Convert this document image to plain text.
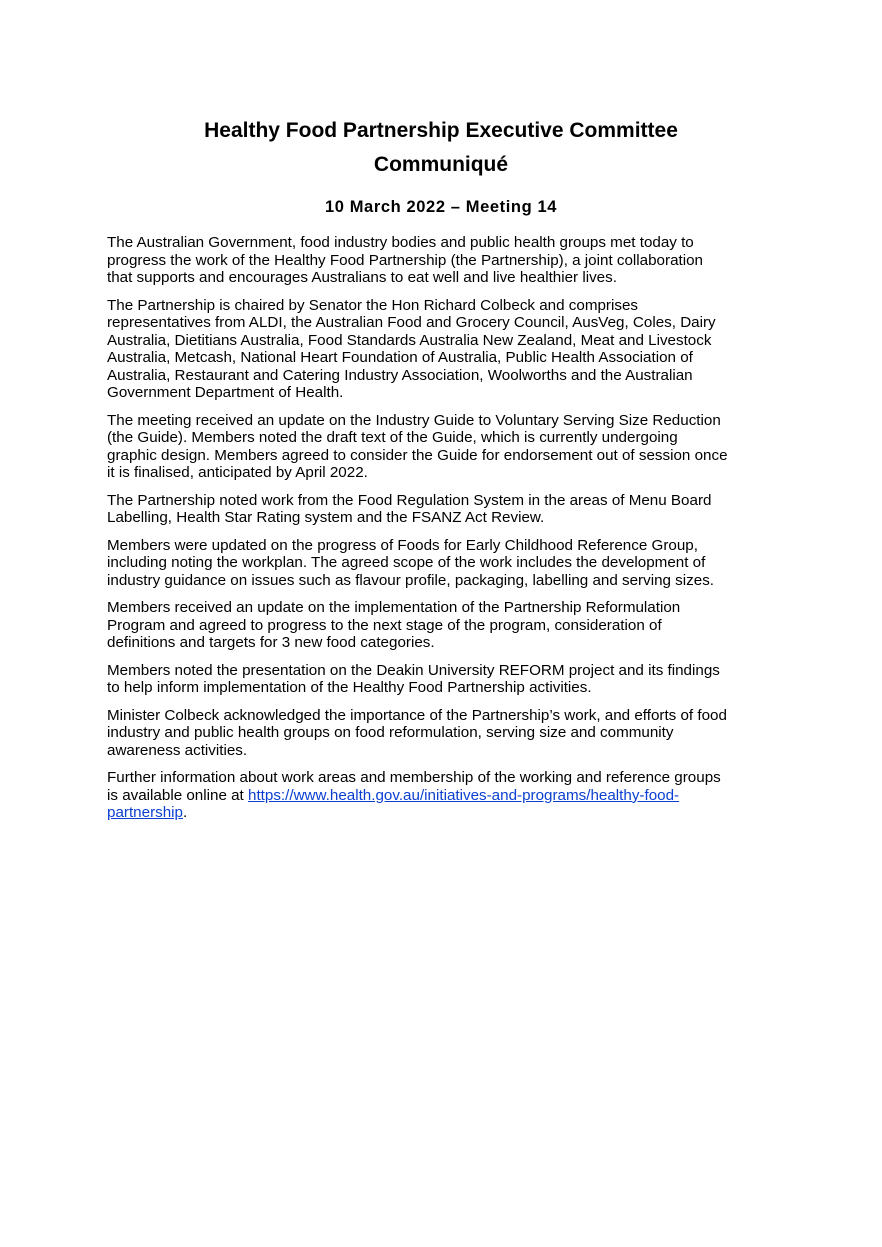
Healthy Food Partnership Executive Committee
Communiqué
10 March 2022 – Meeting 14

The Australian Government, food industry bodies and public health groups met today to
progress the work of the Healthy Food Partnership (the Partnership), a joint collaboration
that supports and encourages Australians to eat well and live healthier lives.

The Partnership is chaired by Senator the Hon Richard Colbeck and comprises
representatives from ALDI, the Australian Food and Grocery Council, AusVeg, Coles, Dairy
Australia, Dietitians Australia, Food Standards Australia New Zealand, Meat and Livestock
Australia, Metcash, National Heart Foundation of Australia, Public Health Association of
Australia, Restaurant and Catering Industry Association, Woolworths and the Australian
Government Department of Health.

The meeting received an update on the Industry Guide to Voluntary Serving Size Reduction
(the Guide). Members noted the draft text of the Guide, which is currently undergoing
graphic design. Members agreed to consider the Guide for endorsement out of session once
it is finalised, anticipated by April 2022.

The Partnership noted work from the Food Regulation System in the areas of Menu Board
Labelling, Health Star Rating system and the FSANZ Act Review.

Members were updated on the progress of Foods for Early Childhood Reference Group,
including noting the workplan. The agreed scope of the work includes the development of
industry guidance on issues such as flavour profile, packaging, labelling and serving sizes.

Members received an update on the implementation of the Partnership Reformulation
Program and agreed to progress to the next stage of the program, consideration of
definitions and targets for 3 new food categories.

Members noted the presentation on the Deakin University REFORM project and its findings
to help inform implementation of the Healthy Food Partnership activities.

Minister Colbeck acknowledged the importance of the Partnership’s work, and efforts of food
industry and public health groups on food reformulation, serving size and community
awareness activities.

Further information about work areas and membership of the working and reference groups
is available online at https://www.health.gov.au/initiatives-and-programs/healthy-food-
partnership.
